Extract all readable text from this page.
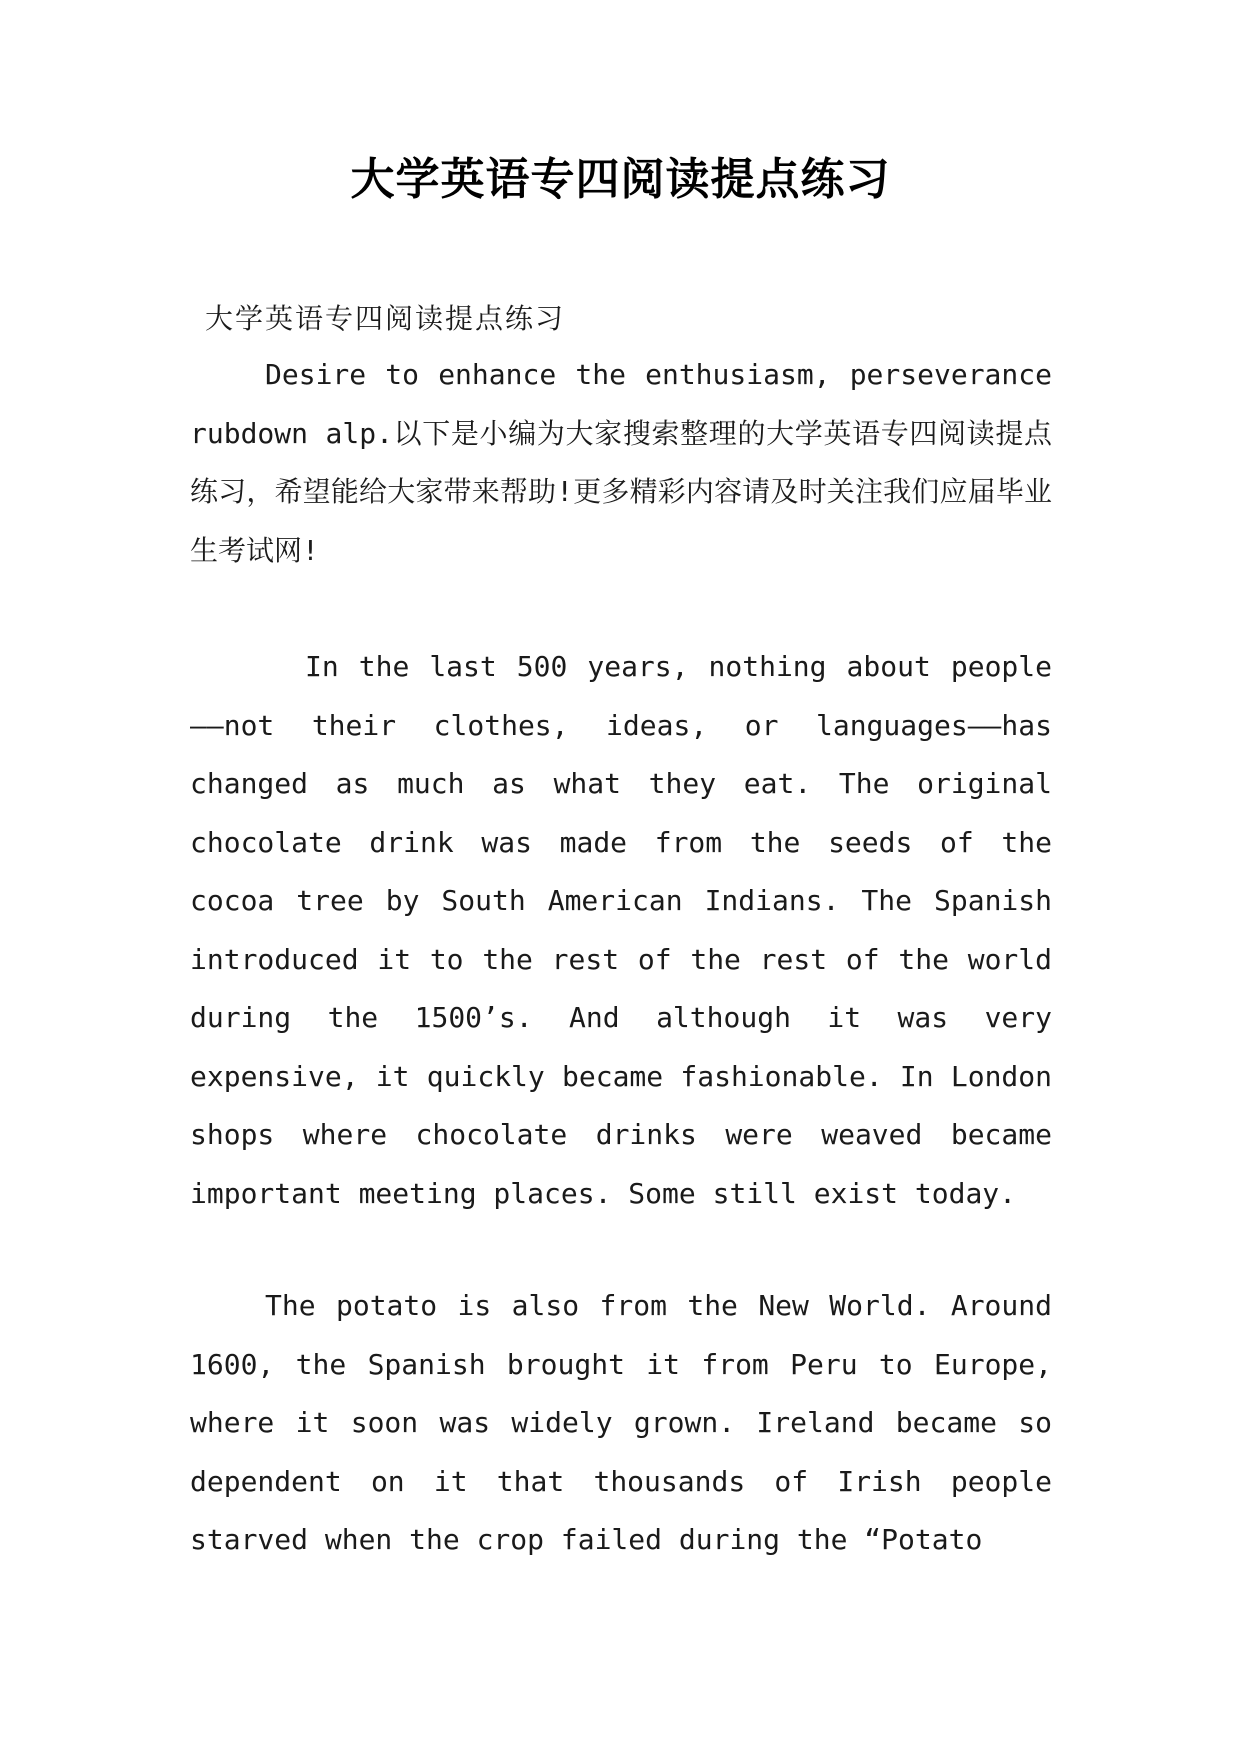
大学英语专四阅读提点练习
大学英语专四阅读提点练习

Desire to enhance the enthusiasm, perseverance rubdown alp.以下是小编为大家搜索整理的大学英语专四阅读提点练习，希望能给大家带来帮助!更多精彩内容请及时关注我们应届毕业生考试网!

In the last 500 years, nothing about people——not their clothes, ideas, or languages——has changed as much as what they eat. The original chocolate drink was made from the seeds of the cocoa tree by South American Indians. The Spanish introduced it to the rest of the rest of the world during the 1500’s. And although it was very expensive, it quickly became fashionable. In London shops where chocolate drinks were weaved became important meeting places. Some still exist today.

The potato is also from the New World. Around 1600, the Spanish brought it from Peru to Europe, where it soon was widely grown. Ireland became so dependent on it that thousands of Irish people starved when the crop failed during the “Potato
